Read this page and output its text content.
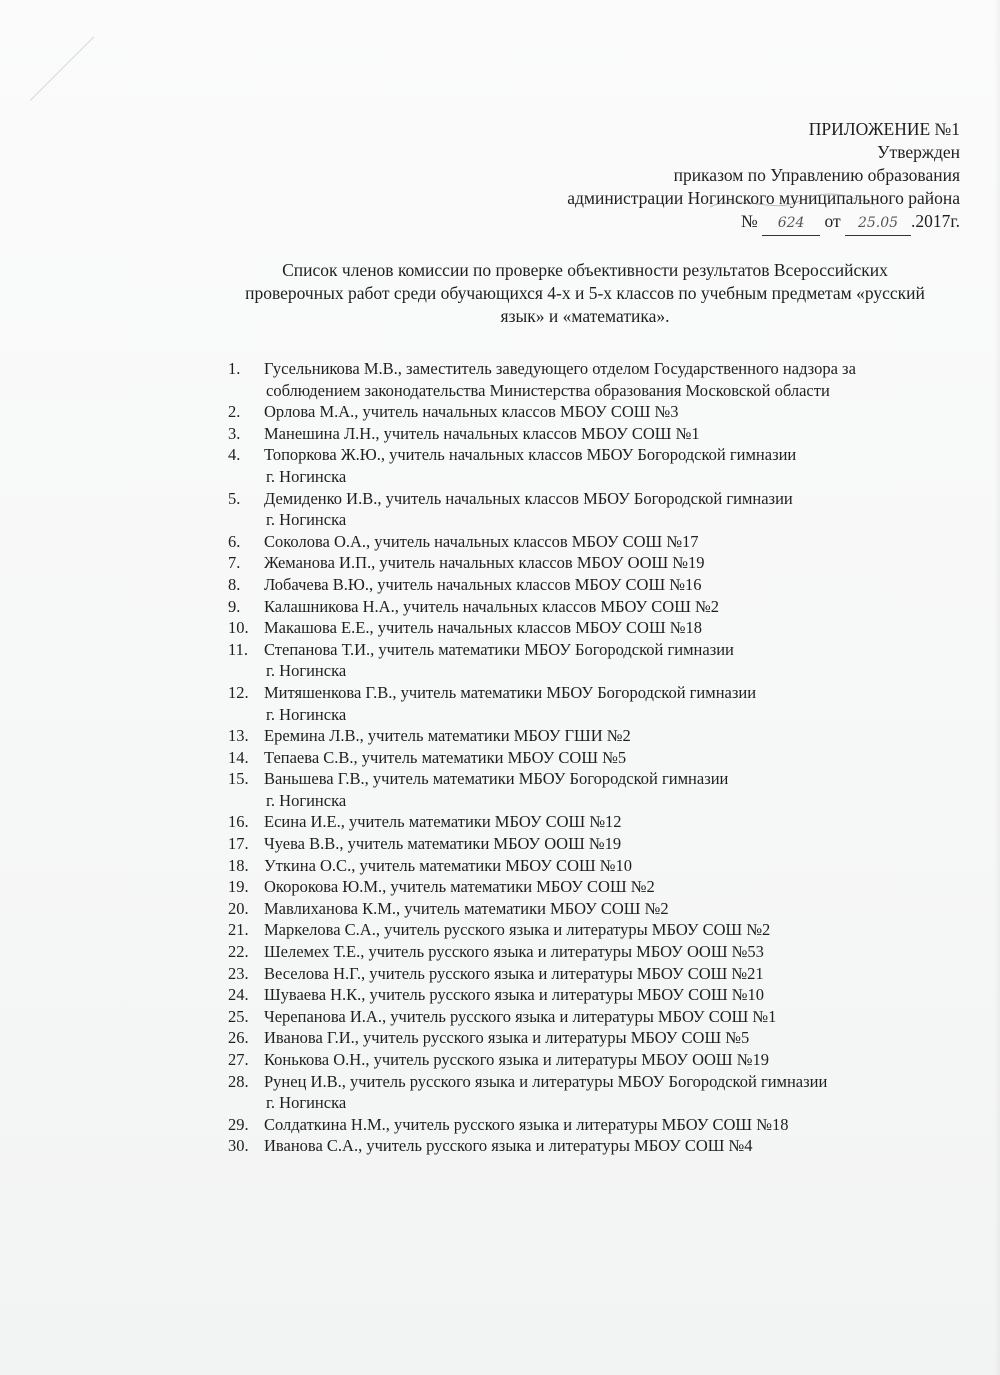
ПРИЛОЖЕНИЕ №1
Утвержден
приказом по Управлению образования
администрации Ногинского муниципального района
№ 624 от 25.05 .2017г.
Список членов комиссии по проверке объективности результатов Всероссийских
проверочных работ среди обучающихся 4-х и 5-х классов по учебным предметам «русский
язык» и «математика».
1. Гусельникова М.В., заместитель заведующего отделом Государственного надзора за
соблюдением законодательства Министерства образования Московской области
2. Орлова М.А., учитель начальных классов МБОУ СОШ №3
3. Манешина Л.Н., учитель начальных классов МБОУ СОШ №1
4. Топоркова Ж.Ю., учитель начальных классов МБОУ Богородской гимназии
г. Ногинска
5. Демиденко И.В., учитель начальных классов МБОУ Богородской гимназии
г. Ногинска
6. Соколова О.А., учитель начальных классов МБОУ СОШ №17
7. Жеманова И.П., учитель начальных классов МБОУ ООШ №19
8. Лобачева В.Ю., учитель начальных классов МБОУ СОШ №16
9. Калашникова Н.А., учитель начальных классов МБОУ СОШ №2
10. Макашова Е.Е., учитель начальных классов МБОУ СОШ №18
11. Степанова Т.И., учитель математики МБОУ Богородской гимназии
г. Ногинска
12. Митяшенкова Г.В., учитель математики МБОУ Богородской гимназии
г. Ногинска
13. Еремина Л.В., учитель математики МБОУ ГШИ №2
14. Тепаева С.В., учитель математики МБОУ СОШ №5
15. Ваньшева Г.В., учитель математики МБОУ Богородской гимназии
г. Ногинска
16. Есина И.Е., учитель математики МБОУ СОШ №12
17. Чуева В.В., учитель математики МБОУ ООШ №19
18. Уткина О.С., учитель математики МБОУ СОШ №10
19. Окорокова Ю.М., учитель математики МБОУ СОШ №2
20. Мавлиханова К.М., учитель математики МБОУ СОШ №2
21. Маркелова С.А., учитель русского языка и литературы МБОУ СОШ №2
22. Шелемех Т.Е., учитель русского языка и литературы МБОУ ООШ №53
23. Веселова Н.Г., учитель русского языка и литературы МБОУ СОШ №21
24. Шуваева Н.К., учитель русского языка и литературы МБОУ СОШ №10
25. Черепанова И.А., учитель русского языка и литературы МБОУ СОШ №1
26. Иванова Г.И., учитель русского языка и литературы МБОУ СОШ №5
27. Конькова О.Н., учитель русского языка и литературы МБОУ ООШ №19
28. Рунец И.В., учитель русского языка и литературы МБОУ Богородской гимназии
г. Ногинска
29. Солдаткина Н.М., учитель русского языка и литературы МБОУ СОШ №18
30. Иванова С.А., учитель русского языка и литературы МБОУ СОШ №4
